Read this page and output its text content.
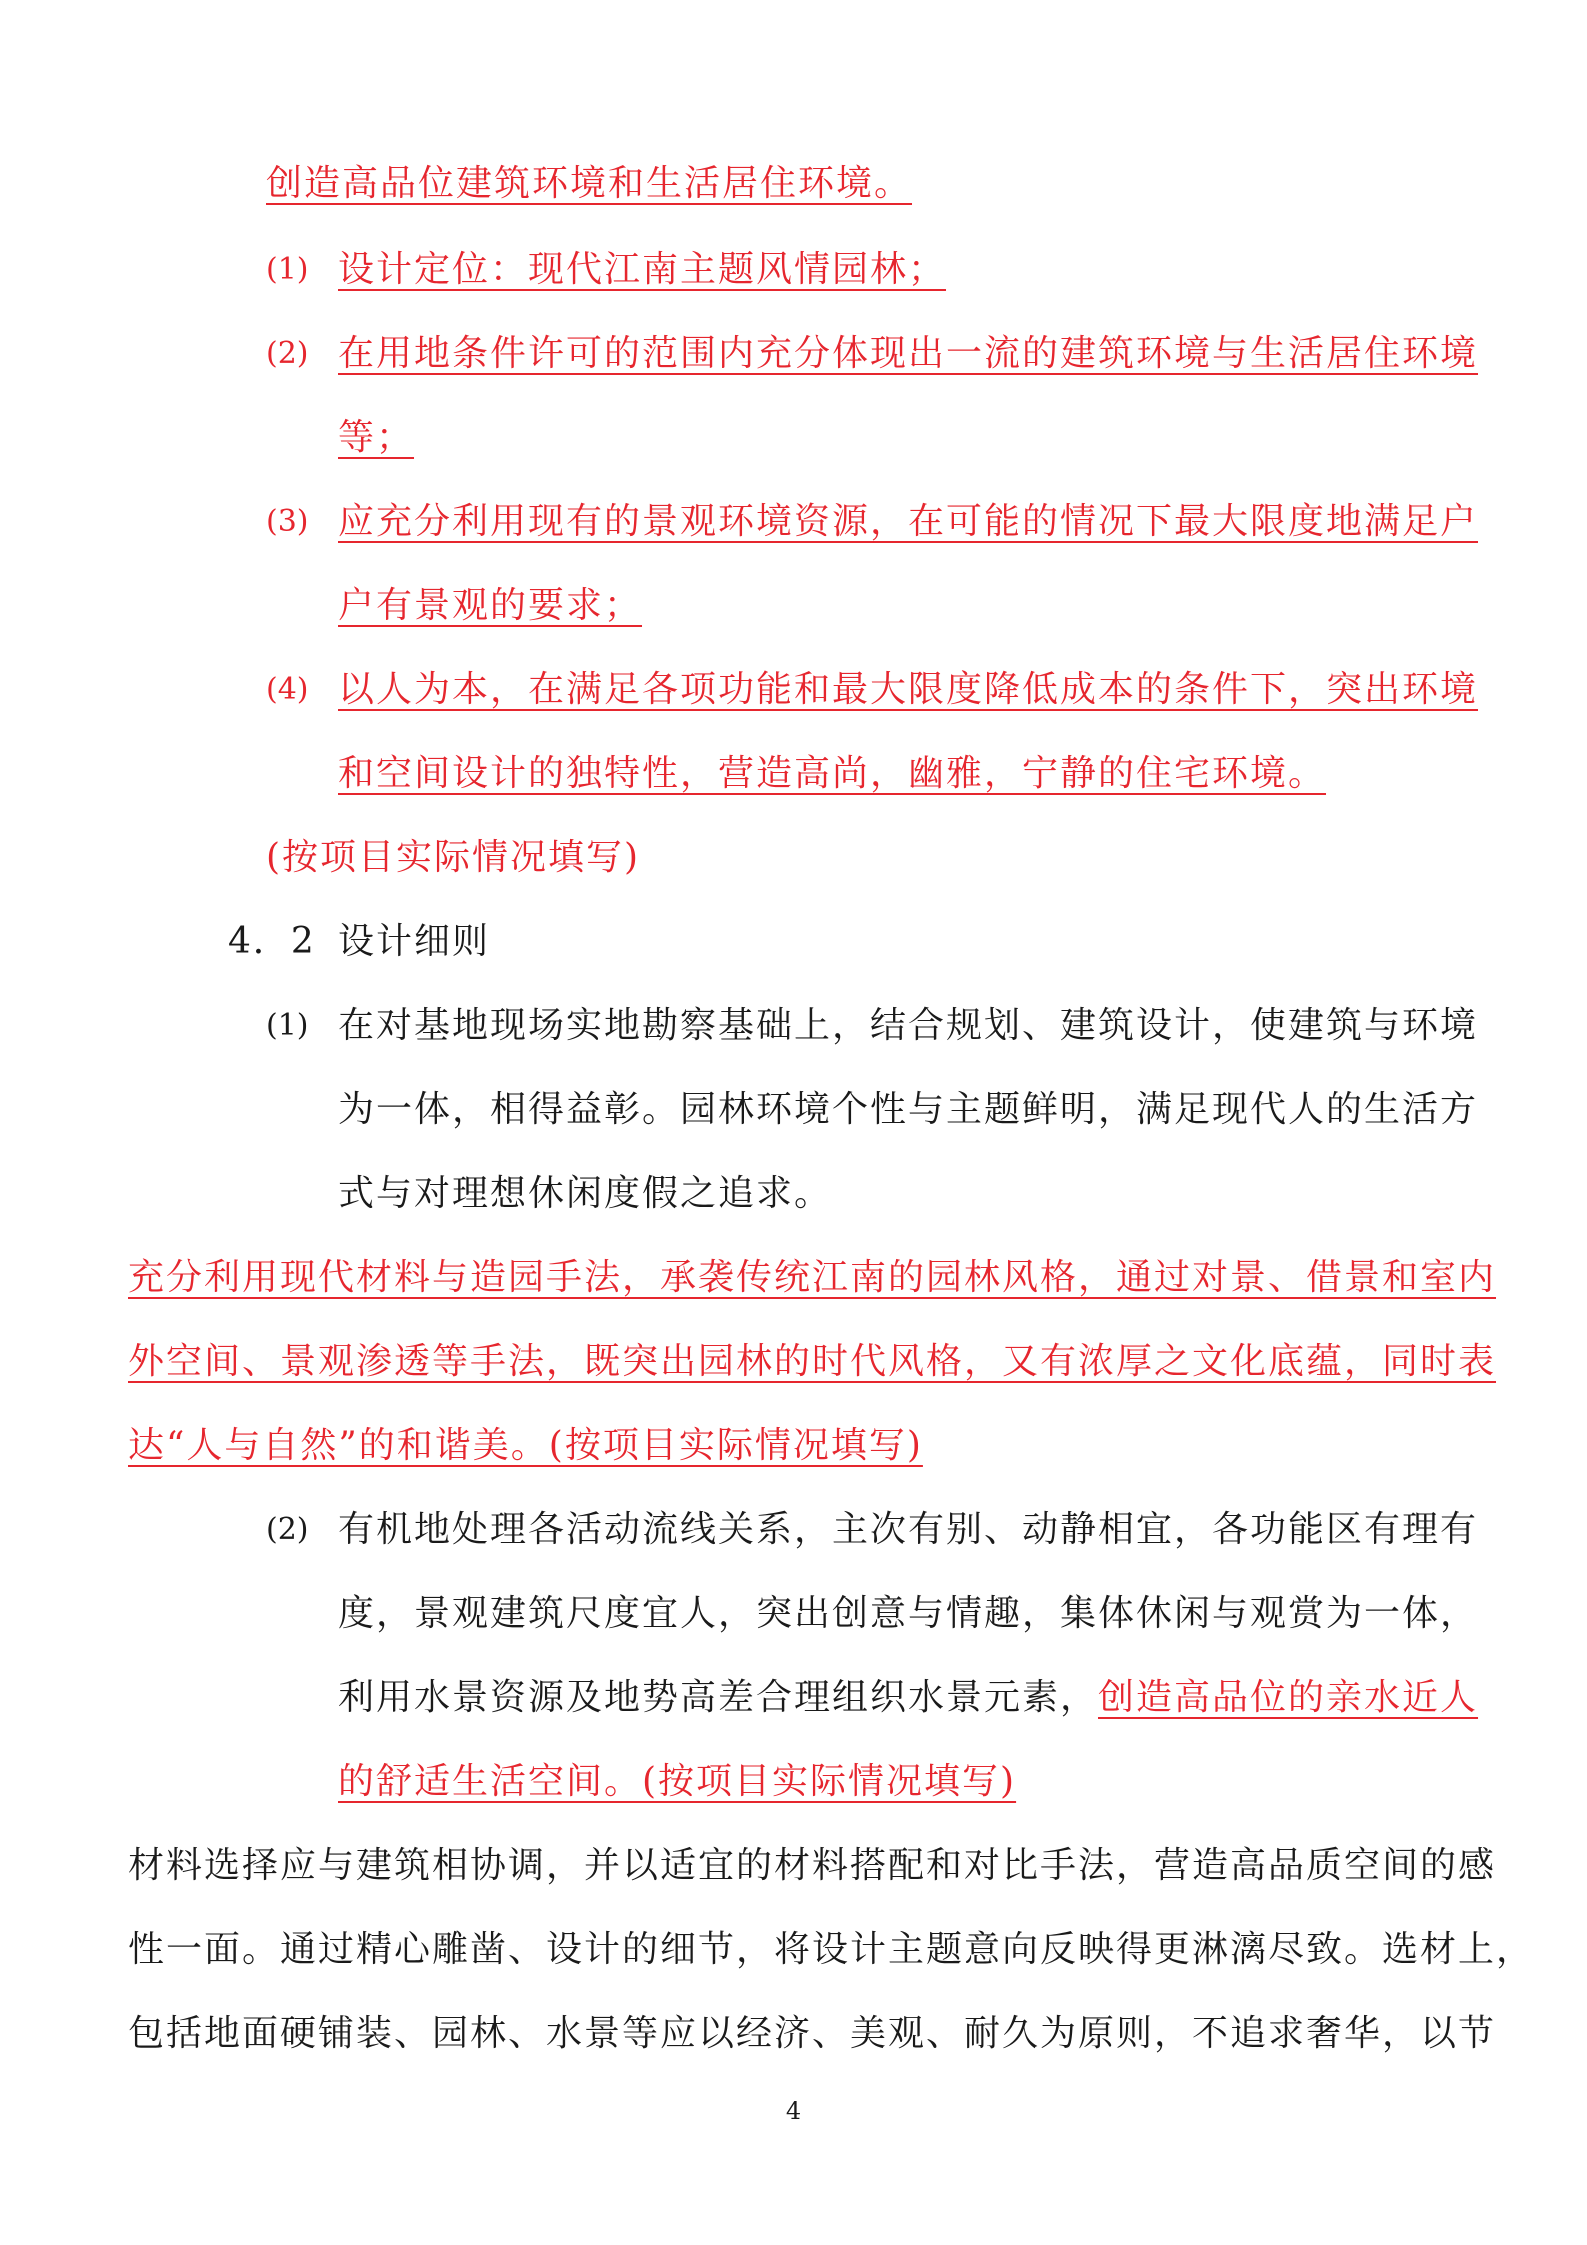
创造高品位建筑环境和生活居住环境。
(1) 设计定位：现代江南主题风情园林；
(2) 在用地条件许可的范围内充分体现出一流的建筑环境与生活居住环境
等；
(3) 应充分利用现有的景观环境资源，在可能的情况下最大限度地满足户
户有景观的要求；
(4) 以人为本，在满足各项功能和最大限度降低成本的条件下，突出环境
和空间设计的独特性，营造高尚，幽雅，宁静的住宅环境。
(按项目实际情况填写)
4．2 设计细则
(1) 在对基地现场实地勘察基础上，结合规划、建筑设计，使建筑与环境
为一体，相得益彰。园林环境个性与主题鲜明，满足现代人的生活方
式与对理想休闲度假之追求。
充分利用现代材料与造园手法，承袭传统江南的园林风格，通过对景、借景和室内
外空间、景观渗透等手法，既突出园林的时代风格，又有浓厚之文化底蕴，同时表
达“人与自然”的和谐美。(按项目实际情况填写)
(2) 有机地处理各活动流线关系，主次有别、动静相宜，各功能区有理有
度，景观建筑尺度宜人，突出创意与情趣，集体休闲与观赏为一体，
利用水景资源及地势高差合理组织水景元素，创造高品位的亲水近人
的舒适生活空间。(按项目实际情况填写)
材料选择应与建筑相协调，并以适宜的材料搭配和对比手法，营造高品质空间的感
性一面。通过精心雕凿、设计的细节，将设计主题意向反映得更淋漓尽致。选材上，
包括地面硬铺装、园林、水景等应以经济、美观、耐久为原则，不追求奢华，以节
4
